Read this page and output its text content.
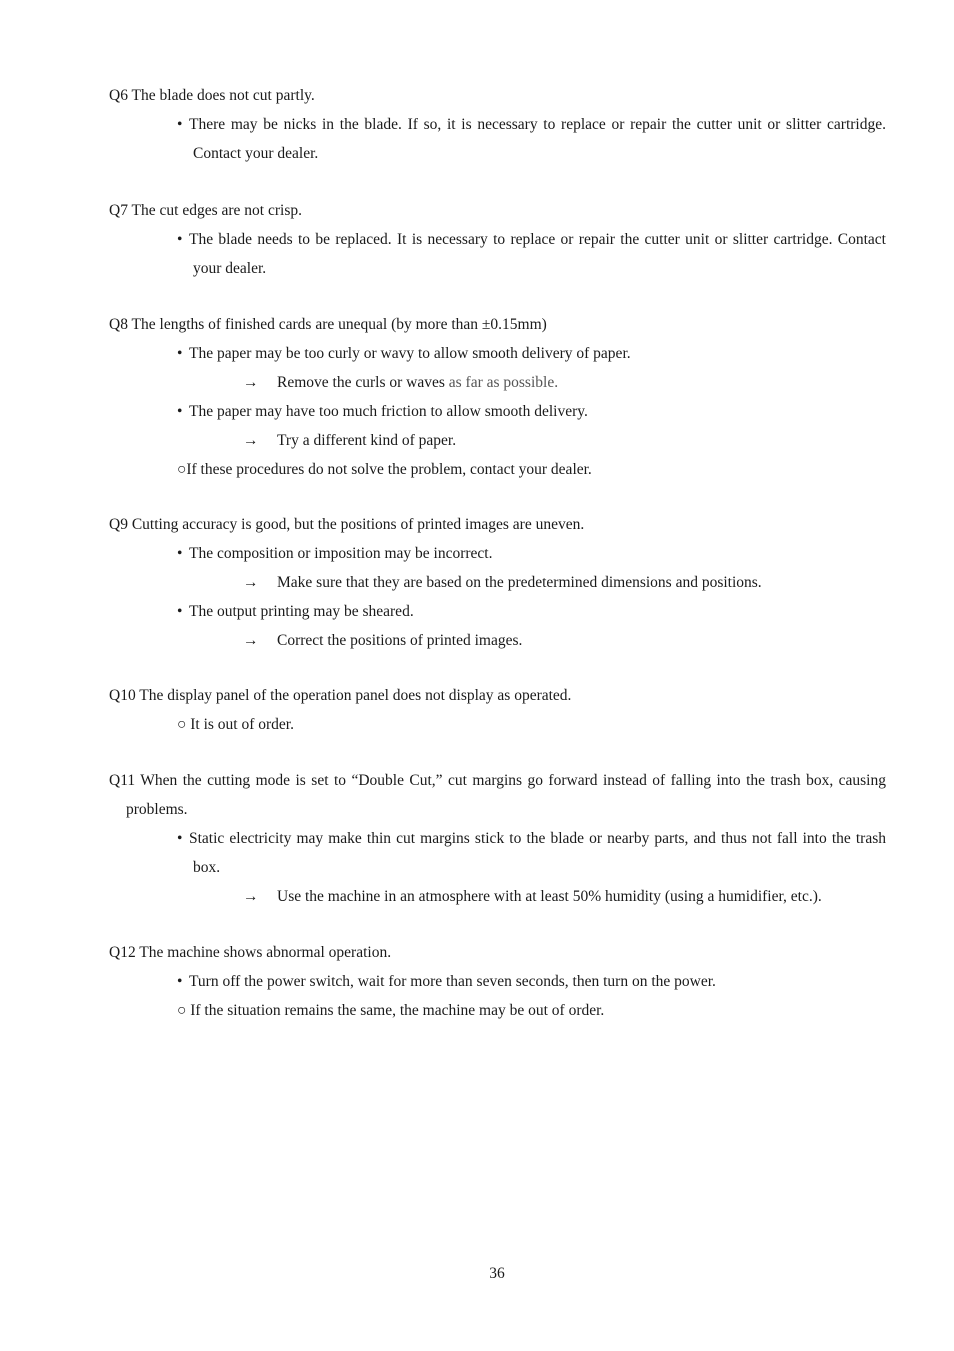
Q6 The blade does not cut partly.

• There may be nicks in the blade. If so, it is necessary to replace or repair the cutter unit or slitter cartridge. Contact your dealer.

Q7 The cut edges are not crisp.

• The blade needs to be replaced. It is necessary to replace or repair the cutter unit or slitter cartridge. Contact your dealer.

Q8 The lengths of finished cards are unequal (by more than ±0.15mm)

• The paper may be too curly or wavy to allow smooth delivery of paper.

→ Remove the curls or waves as far as possible.

• The paper may have too much friction to allow smooth delivery.

→ Try a different kind of paper.

○If these procedures do not solve the problem, contact your dealer.

Q9 Cutting accuracy is good, but the positions of printed images are uneven.

• The composition or imposition may be incorrect.

→ Make sure that they are based on the predetermined dimensions and positions.

• The output printing may be sheared.

→ Correct the positions of printed images.

Q10 The display panel of the operation panel does not display as operated.

○ It is out of order.

Q11 When the cutting mode is set to “Double Cut,” cut margins go forward instead of falling into the trash box, causing problems.

• Static electricity may make thin cut margins stick to the blade or nearby parts, and thus not fall into the trash box.

→ Use the machine in an atmosphere with at least 50% humidity (using a humidifier, etc.).

Q12 The machine shows abnormal operation.

• Turn off the power switch, wait for more than seven seconds, then turn on the power.

○ If the situation remains the same, the machine may be out of order.

36
